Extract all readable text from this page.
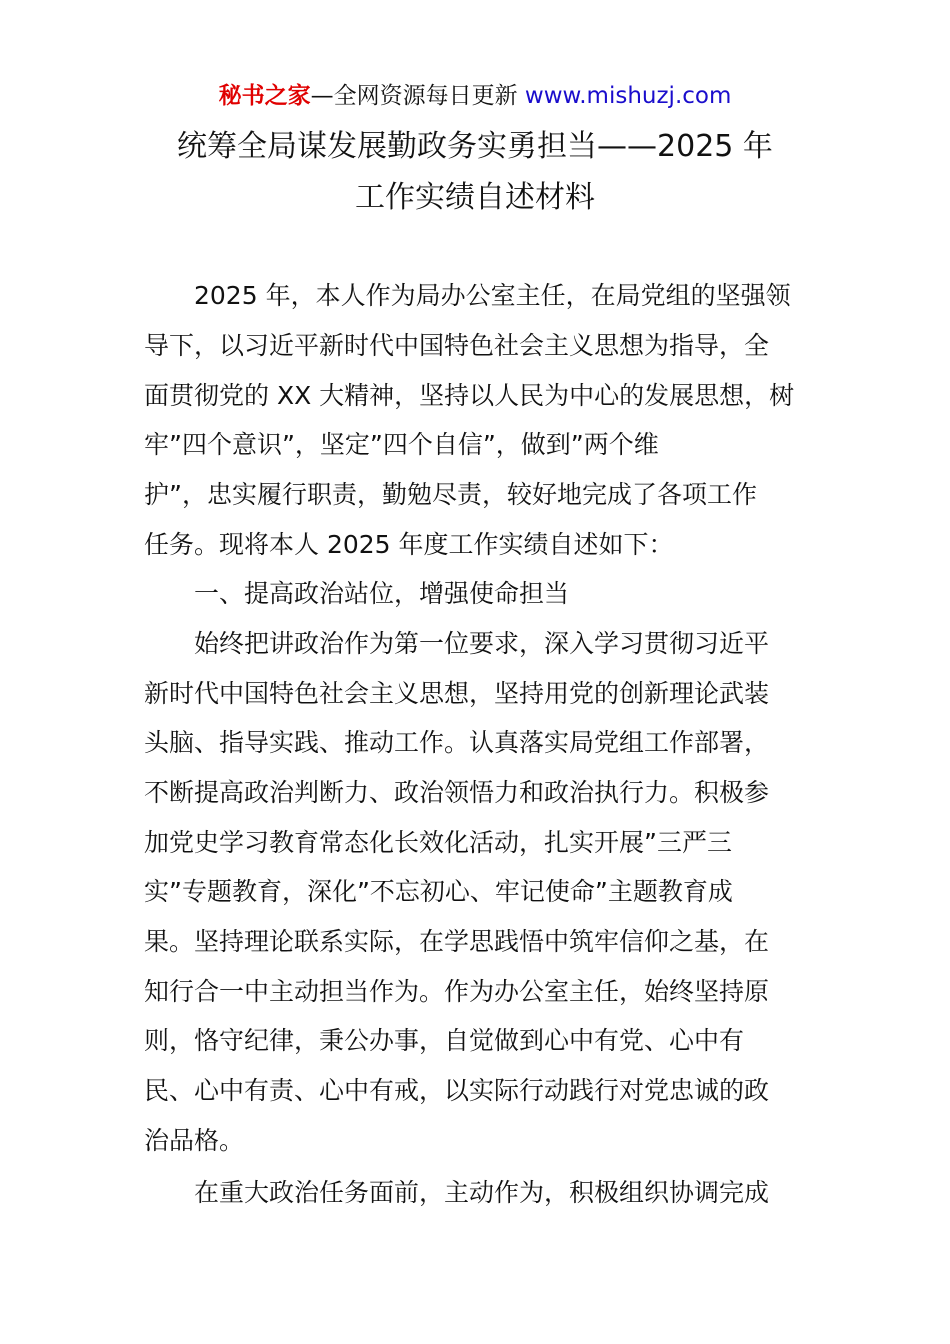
秘书之家—全网资源每日更新 www.mishuzj.com
统筹全局谋发展勤政务实勇担当——2025 年
工作实绩自述材料
　　2025 年，本人作为局办公室主任，在局党组的坚强领
导下，以习近平新时代中国特色社会主义思想为指导，全
面贯彻党的 XX 大精神，坚持以人民为中心的发展思想，树
牢”四个意识”，坚定”四个自信”，做到”两个维
护”，忠实履行职责，勤勉尽责，较好地完成了各项工作
任务。现将本人 2025 年度工作实绩自述如下：
　　一、提高政治站位，增强使命担当
　　始终把讲政治作为第一位要求，深入学习贯彻习近平
新时代中国特色社会主义思想，坚持用党的创新理论武装
头脑、指导实践、推动工作。认真落实局党组工作部署，
不断提高政治判断力、政治领悟力和政治执行力。积极参
加党史学习教育常态化长效化活动，扎实开展”三严三
实”专题教育，深化”不忘初心、牢记使命”主题教育成
果。坚持理论联系实际，在学思践悟中筑牢信仰之基，在
知行合一中主动担当作为。作为办公室主任，始终坚持原
则，恪守纪律，秉公办事，自觉做到心中有党、心中有
民、心中有责、心中有戒，以实际行动践行对党忠诚的政
治品格。
　　在重大政治任务面前，主动作为，积极组织协调完成
